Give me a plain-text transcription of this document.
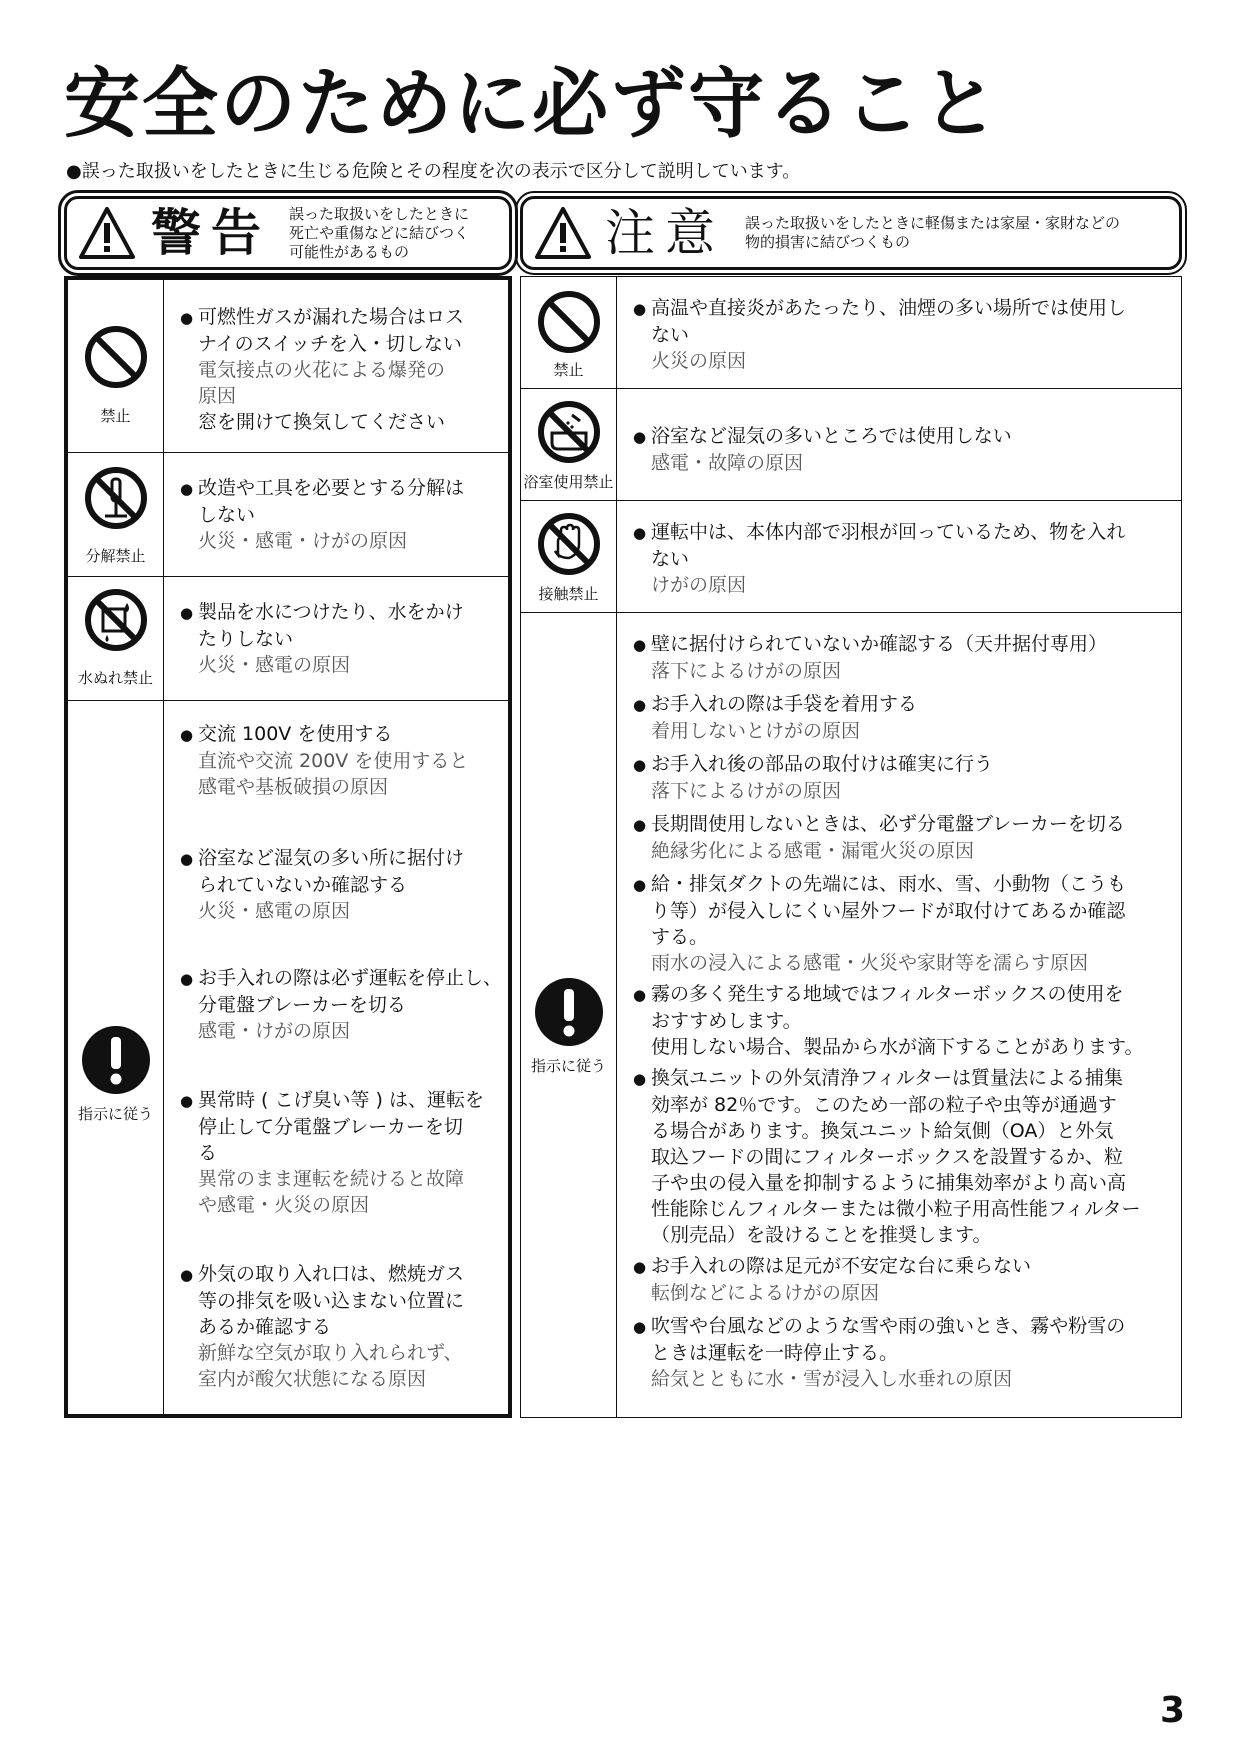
安全のために必ず守ること
●誤った取扱いをしたときに生じる危険とその程度を次の表示で区分して説明しています。
警告 誤った取扱いをしたときに
死亡や重傷などに結びつく
可能性があるもの	注意 誤った取扱いをしたときに軽傷または家屋・家財などの
物的損害に結びつくもの
禁止
● 可燃性ガスが漏れた場合はロス
ナイのスイッチを入・切しない
電気接点の火花による爆発の
原因
窓を開けて換気してください
分解禁止
● 改造や工具を必要とする分解は
しない
火災・感電・けがの原因
水ぬれ禁止
● 製品を水につけたり、水をかけ
たりしない
火災・感電の原因
指示に従う
● 交流 100V を使用する
直流や交流 200V を使用すると
感電や基板破損の原因
● 浴室など湿気の多い所に据付け
られていないか確認する
火災・感電の原因
● お手入れの際は必ず運転を停止し、
分電盤ブレーカーを切る
感電・けがの原因
● 異常時 ( こげ臭い等 ) は、運転を
停止して分電盤ブレーカーを切
る
異常のまま運転を続けると故障
や感電・火災の原因
● 外気の取り入れ口は、燃焼ガス
等の排気を吸い込まない位置に
あるか確認する
新鮮な空気が取り入れられず、
室内が酸欠状態になる原因
禁止
● 高温や直接炎があたったり、油煙の多い場所では使用し
ない
火災の原因
浴室使用禁止
● 浴室など湿気の多いところでは使用しない
感電・故障の原因
接触禁止
● 運転中は、本体内部で羽根が回っているため、物を入れ
ない
けがの原因
指示に従う
● 壁に据付けられていないか確認する（天井据付専用）
落下によるけがの原因
● お手入れの際は手袋を着用する
着用しないとけがの原因
● お手入れ後の部品の取付けは確実に行う
落下によるけがの原因
● 長期間使用しないときは、必ず分電盤ブレーカーを切る
絶縁劣化による感電・漏電火災の原因
● 給・排気ダクトの先端には、雨水、雪、小動物（こうも
り等）が侵入しにくい屋外フードが取付けてあるか確認
する。
雨水の浸入による感電・火災や家財等を濡らす原因
● 霧の多く発生する地域ではフィルターボックスの使用を
おすすめします。
使用しない場合、製品から水が滴下することがあります。
● 換気ユニットの外気清浄フィルターは質量法による捕集
効率が 82％です。このため一部の粒子や虫等が通過す
る場合があります。換気ユニット給気側（OA）と外気
取込フードの間にフィルターボックスを設置するか、粒
子や虫の侵入量を抑制するように捕集効率がより高い高
性能除じんフィルターまたは微小粒子用高性能フィルター
（別売品）を設けることを推奨します。
● お手入れの際は足元が不安定な台に乗らない
転倒などによるけがの原因
● 吹雪や台風などのような雪や雨の強いとき、霧や粉雪の
ときは運転を一時停止する。
給気とともに水・雪が浸入し水垂れの原因
3
